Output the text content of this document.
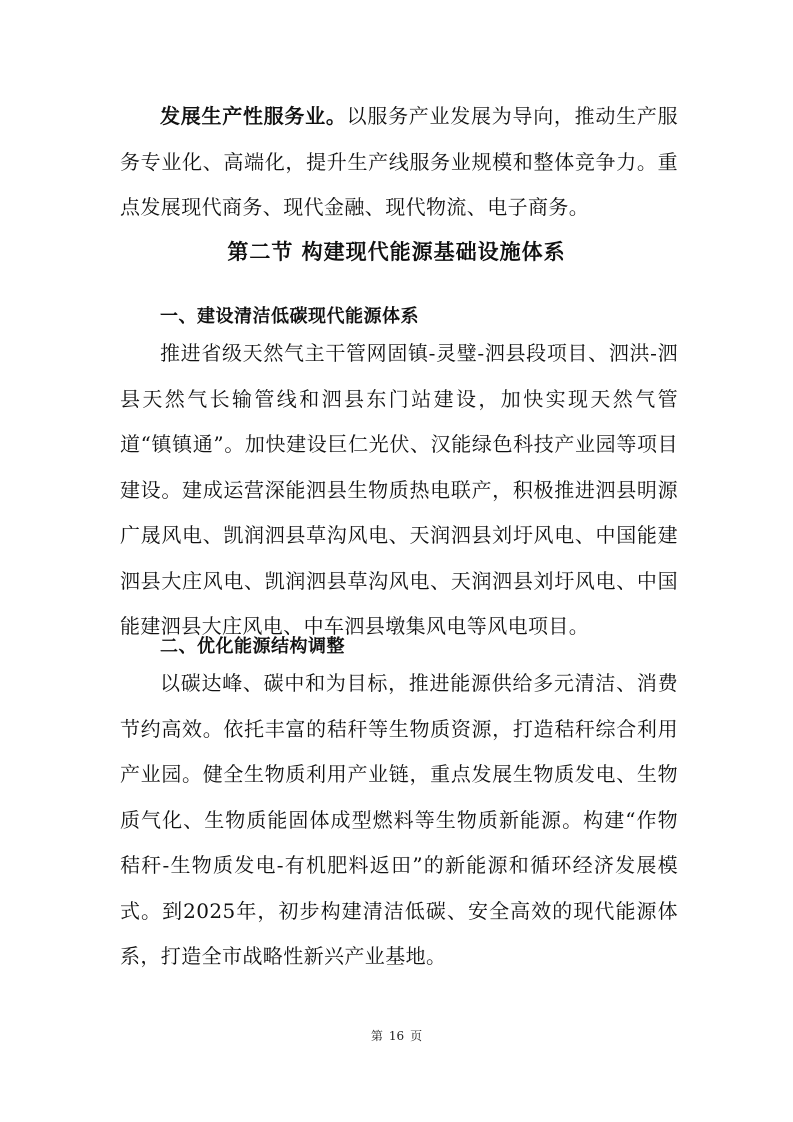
发展生产性服务业。以服务产业发展为导向，推动生产服务专业化、高端化，提升生产线服务业规模和整体竞争力。重点发展现代商务、现代金融、现代物流、电子商务。

第二节 构建现代能源基础设施体系
一、建设清洁低碳现代能源体系

推进省级天然气主干管网固镇-灵璧-泗县段项目、泗洪-泗县天然气长输管线和泗县东门站建设，加快实现天然气管道“镇镇通”。加快建设巨仁光伏、汉能绿色科技产业园等项目建设。建成运营深能泗县生物质热电联产，积极推进泗县明源广晟风电、凯润泗县草沟风电、天润泗县刘圩风电、中国能建泗县大庄风电、凯润泗县草沟风电、天润泗县刘圩风电、中国能建泗县大庄风电、中车泗县墩集风电等风电项目。

二、优化能源结构调整

以碳达峰、碳中和为目标，推进能源供给多元清洁、消费节约高效。依托丰富的秸秆等生物质资源，打造秸秆综合利用产业园。健全生物质利用产业链，重点发展生物质发电、生物质气化、生物质能固体成型燃料等生物质新能源。构建“作物秸秆-生物质发电-有机肥料返田”的新能源和循环经济发展模式。到2025年，初步构建清洁低碳、安全高效的现代能源体系，打造全市战略性新兴产业基地。

第 16 页
